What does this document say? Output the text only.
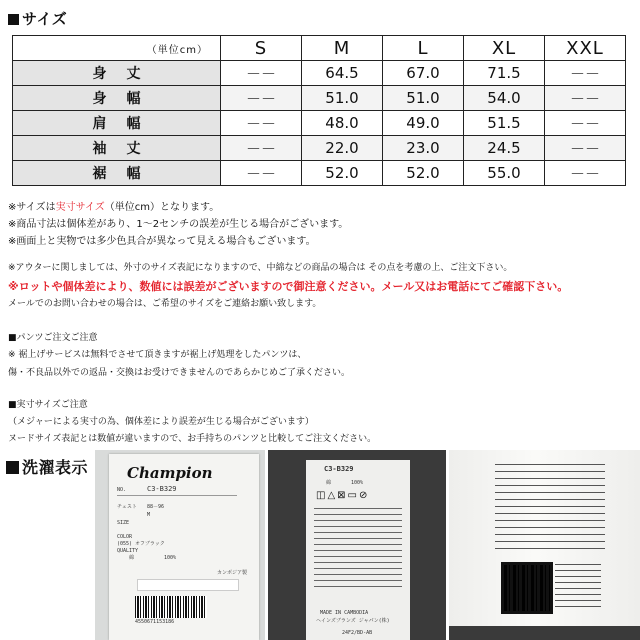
サイズ
（単位cm）	S	M	L	XL	XXL
身丈	－－	64.5	67.0	71.5	－－
身幅	－－	51.0	51.0	54.0	－－
肩幅	－－	48.0	49.0	51.5	－－
袖丈	－－	22.0	23.0	24.5	－－
裾幅	－－	52.0	52.0	55.0	－－
※サイズは実寸サイズ（単位cm）となります。
※商品寸法は個体差があり、1～2センチの誤差が生じる場合がございます。
※画面上と実物では多少色具合が異なって見える場合もございます。
※アウターに関しましては、外寸のサイズ表記になりますので、中綿などの商品の場合は その点を考慮の上、ご注文下さい。
※ロットや個体差により、数値には誤差がございますので御注意ください。メール又はお電話にてご確認下さい。
メールでのお問い合わせの場合は、ご希望のサイズをご連絡お願い致します。
■パンツご注文ご注意
※ 裾上げサービスは無料でさせて頂きますが裾上げ処理をしたパンツは、
傷・不良品以外での返品・交換はお受けできませんのであらかじめご了承ください。
■実寸サイズご注意
（メジャーによる実寸の為、個体差により誤差が生じる場合がございます）
ヌードサイズ表記とは数値が違いますので、お手持ちのパンツと比較してご注文ください。
洗濯表示	Champion
NO.	C3-B329
チェスト 88－96
SIZE
M
COLOR
(055) オフブラック
QUALITY
綿　　　　　　100%
カンボジア製
4550671153186
C3-B329
綿　　　　100%
◫△⊠▭⊘
MADE IN CAMBODIA
ヘインズブランズ ジャパン(株)
24F2/BD-AB
